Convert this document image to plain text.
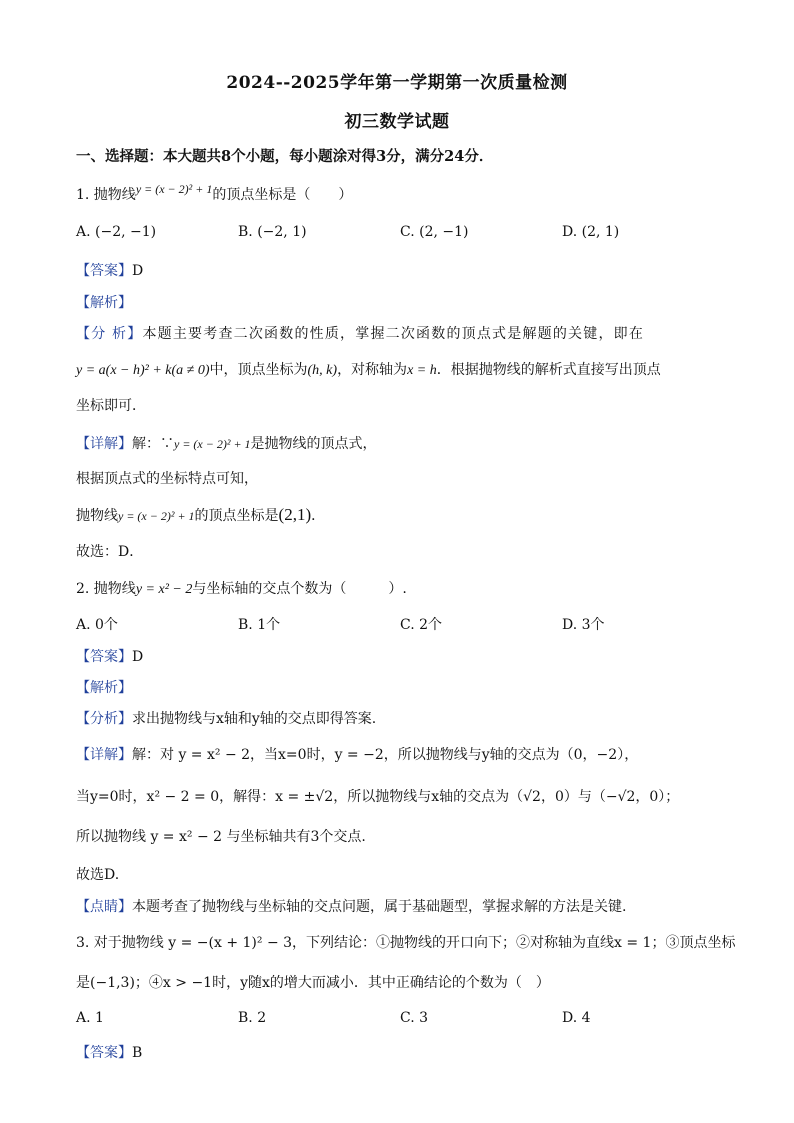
2024--2025学年第一学期第一次质量检测
初三数学试题
一、选择题：本大题共8个小题，每小题涂对得3分，满分24分．
1. 抛物线y = (x − 2)² + 1的顶点坐标是（　　）
A. (−2, −1)	B. (−2, 1)	C. (2, −1)	D. (2, 1)
【答案】D
【解析】
【分 析】本题主要考查二次函数的性质，掌握二次函数的顶点式是解题的关键，即在
y = a(x − h)² + k(a ≠ 0)中，顶点坐标为(h, k)，对称轴为x = h．根据抛物线的解析式直接写出顶点
坐标即可．
【详解】解：∵y = (x − 2)² + 1是抛物线的顶点式，
根据顶点式的坐标特点可知，
抛物线y = (x − 2)² + 1的顶点坐标是(2,1)．
故选：D．
2. 抛物线y = x² − 2与坐标轴的交点个数为（　　　）.
A. 0个	B. 1个	C. 2个	D. 3个
【答案】D
【解析】
【分析】求出抛物线与x轴和y轴的交点即得答案.
【详解】解：对 y = x² − 2，当x=0时，y = −2，所以抛物线与y轴的交点为（0，−2），
当y=0时，x² − 2 = 0，解得：x = ±√2，所以抛物线与x轴的交点为（√2，0）与（−√2，0）；
所以抛物线 y = x² − 2 与坐标轴共有3个交点.
故选D.
【点睛】本题考查了抛物线与坐标轴的交点问题，属于基础题型，掌握求解的方法是关键.
3. 对于抛物线 y = −(x + 1)² − 3，下列结论：①抛物线的开口向下；②对称轴为直线x = 1；③顶点坐标
是(−1,3)；④x > −1时，y随x的增大而减小．其中正确结论的个数为（　）
A. 1	B. 2	C. 3	D. 4
【答案】B
